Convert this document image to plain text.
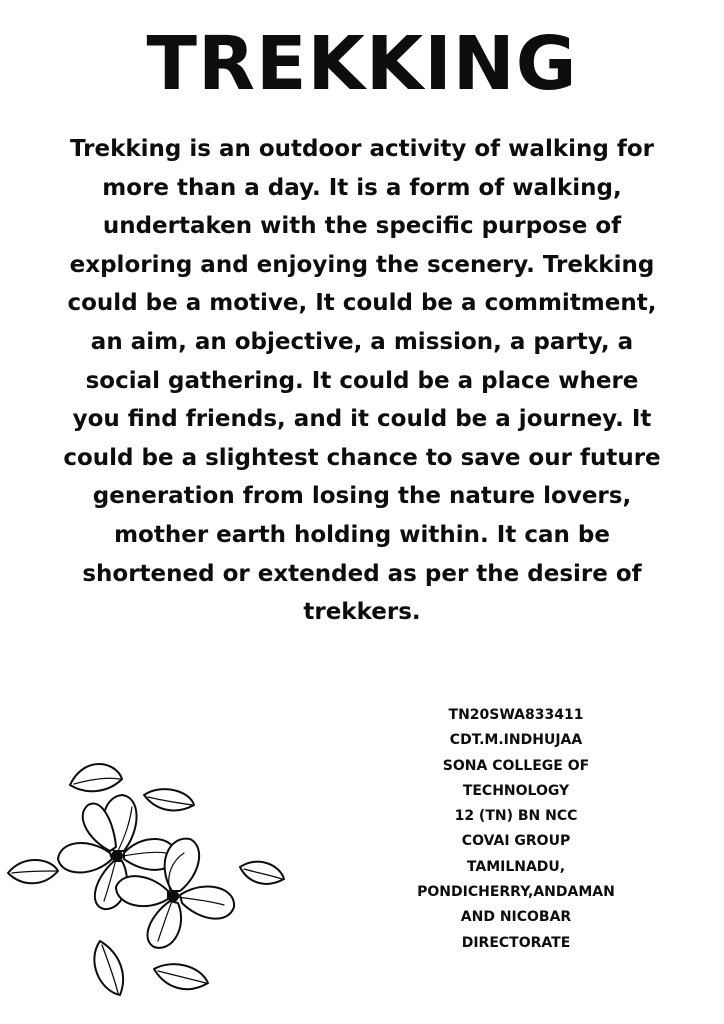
TREKKING

Trekking is an outdoor activity of walking for more than a day. It is a form of walking, undertaken with the specific purpose of exploring and enjoying the scenery. Trekking could be a motive, It could be a commitment, an aim, an objective, a mission, a party, a social gathering. It could be a place where you find friends, and it could be a journey. It could be a slightest chance to save our future generation from losing the nature lovers, mother earth holding within. It can be shortened or extended as per the desire of trekkers.

TN20SWA833411
CDT.M.INDHUJAA
SONA COLLEGE OF
TECHNOLOGY
12 (TN) BN NCC
COVAI GROUP
TAMILNADU,
PONDICHERRY,ANDAMAN
AND NICOBAR
DIRECTORATE
